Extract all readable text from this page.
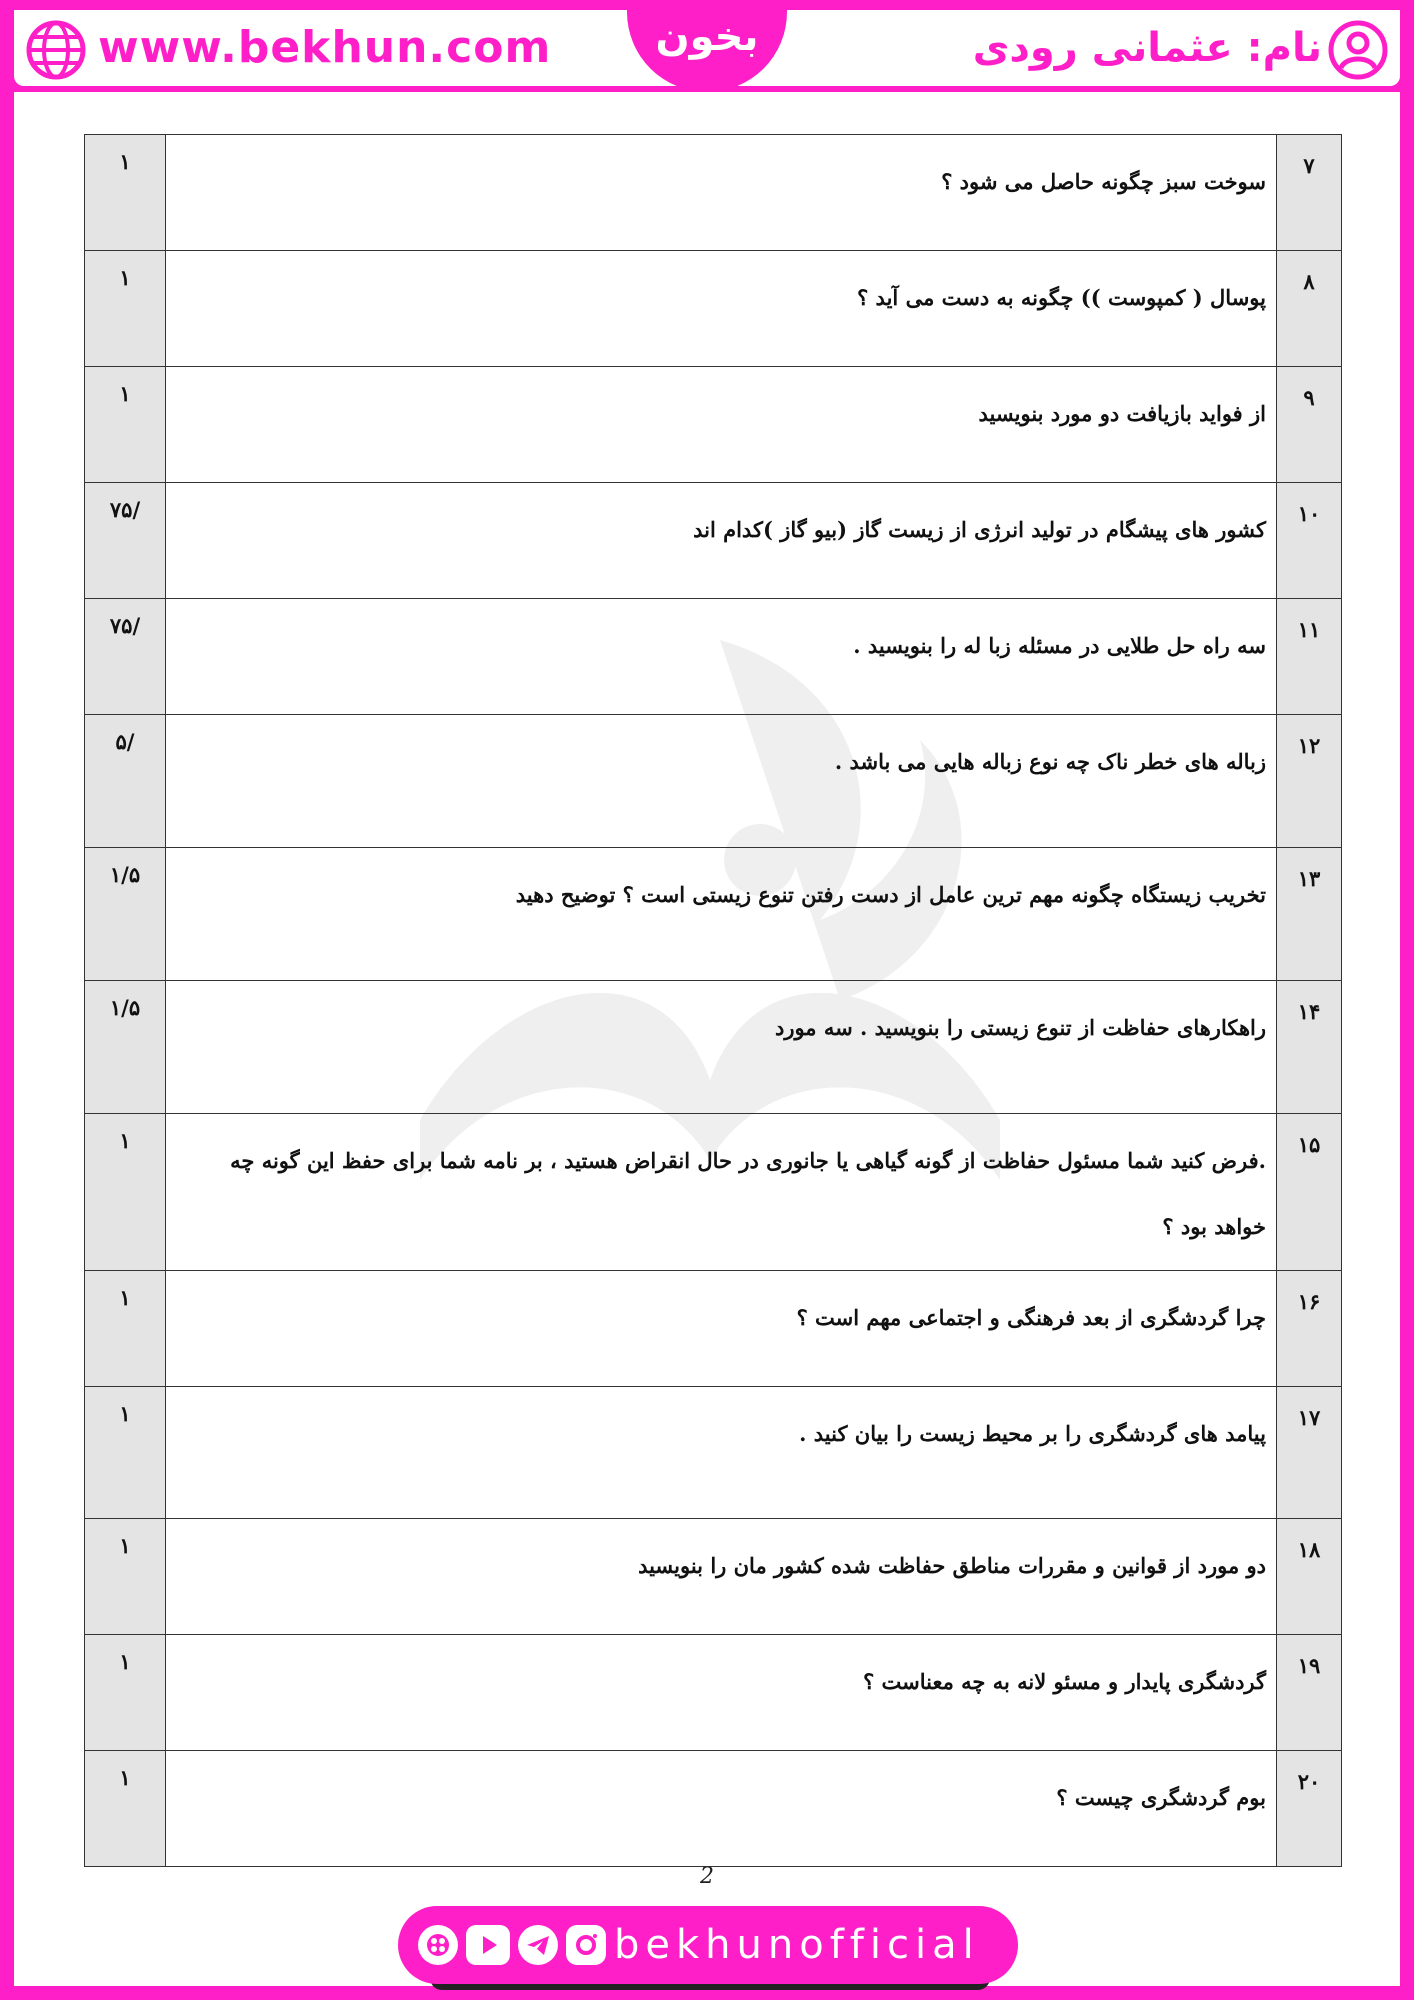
www.bekhun.com	بخون	نام: عثمانی رودی
۷	سوخت سبز چگونه حاصل می شود ؟	۱
۸	پوسال ( کمپوست )) چگونه به دست می آید ؟	۱
۹	از فواید بازیافت دو مورد بنویسید	۱
۱۰	کشور های پیشگام در تولید انرژی از زیست گاز (بیو گاز )کدام اند	/۷۵
۱۱	سه راه حل طلایی در مسئله زبا له را بنویسید .	/۷۵
۱۲	زباله های خطر ناک چه نوع زباله هایی می باشد .	/۵
۱۳	تخریب زیستگاه چگونه مهم ترین عامل از دست رفتن تنوع زیستی است ؟ توضیح دهید	۱/۵
۱۴	راهکارهای حفاظت از تنوع زیستی را بنویسید . سه مورد	۱/۵
۱۵	.فرض کنید شما مسئول حفاظت از گونه گیاهی یا جانوری در حال انقراض هستید ، بر نامه شما برای حفظ این گونه چه خواهد بود ؟	۱
۱۶	چرا گردشگری از بعد فرهنگی و اجتماعی مهم است ؟	۱
۱۷	پیامد های گردشگری را بر محیط زیست را بیان کنید .	۱
۱۸	دو مورد از قوانین و مقررات مناطق حفاظت شده کشور مان را بنویسید	۱
۱۹	گردشگری پایدار و مسئو لانه به چه معناست ؟	۱
۲۰	بوم گردشگری چیست ؟	۱
2
bekhunofficial
